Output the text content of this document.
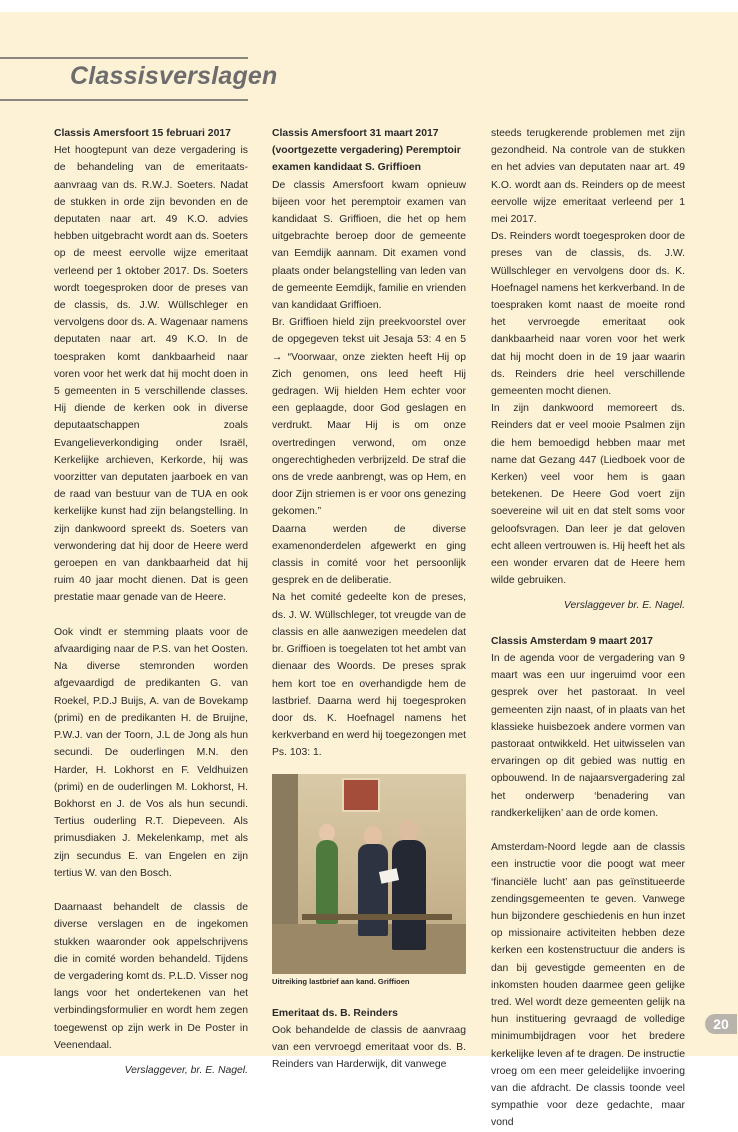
Classisverslagen
Classis Amersfoort 15 februari 2017

Het hoogtepunt van deze vergadering is de behandeling van de emeritaats-aanvraag van ds. R.W.J. Soeters. Nadat de stukken in orde zijn bevonden en de deputaten naar art. 49 K.O. advies hebben uitgebracht wordt aan ds. Soeters op de meest eervolle wijze emeritaat verleend per 1 oktober 2017. Ds. Soeters wordt toegesproken door de preses van de classis, ds. J.W. Wüllschleger en vervolgens door ds. A. Wagenaar namens deputaten naar art. 49 K.O. In de toespraken komt dankbaarheid naar voren voor het werk dat hij mocht doen in 5 gemeenten in 5 verschillende classes. Hij diende de kerken ook in diverse deputaatschappen zoals Evangelieverkondiging onder Israël, Kerkelijke archieven, Kerkorde, hij was voorzitter van deputaten jaarboek en van de raad van bestuur van de TUA en ook kerkelijke kunst had zijn belangstelling. In zijn dankwoord spreekt ds. Soeters van verwondering dat hij door de Heere werd geroepen en van dankbaarheid dat hij ruim 40 jaar mocht dienen. Dat is geen prestatie maar genade van de Heere.

Ook vindt er stemming plaats voor de afvaardiging naar de P.S. van het Oosten. Na diverse stemronden worden afgevaardigd de predikanten G. van Roekel, P.D.J Buijs, A. van de Bovekamp (primi) en de predikanten H. de Bruijne, P.W.J. van der Toorn, J.L de Jong als hun secundi. De ouderlingen M.N. den Harder, H. Lokhorst en F. Veldhuizen (primi) en de ouderlingen M. Lokhorst, H. Bokhorst en J. de Vos als hun secundi. Tertius ouderling R.T. Diepeveen. Als primusdiaken J. Mekelenkamp, met als zijn secundus E. van Engelen en zijn tertius W. van den Bosch.

Daarnaast behandelt de classis de diverse verslagen en de ingekomen stukken waaronder ook appelschrijvens die in comité worden behandeld. Tijdens de vergadering komt ds. P.L.D. Visser nog langs voor het ondertekenen van het verbindingsformulier en wordt hem zegen toegewenst op zijn werk in De Poster in Veenendaal.

Verslaggever, br. E. Nagel.

Classis Amersfoort 31 maart 2017 (voortgezette vergadering) Peremptoir examen kandidaat S. Griffioen

De classis Amersfoort kwam opnieuw bijeen voor het peremptoir examen van kandidaat S. Griffioen, die het op hem uitgebrachte beroep door de gemeente van Eemdijk aannam. Dit examen vond plaats onder belangstelling van leden van de gemeente Eemdijk, familie en vrienden van kandidaat Griffioen.

Br. Griffioen hield zijn preekvoorstel over de opgegeven tekst uit Jesaja 53: 4 en 5 → “Voorwaar, onze ziekten heeft Hij op Zich genomen, ons leed heeft Hij gedragen. Wij hielden Hem echter voor een geplaagde, door God geslagen en verdrukt. Maar Hij is om onze overtredingen verwond, om onze ongerechtigheden verbrijzeld. De straf die ons de vrede aanbrengt, was op Hem, en door Zijn striemen is er voor ons genezing gekomen.”

Daarna werden de diverse examenonderdelen afgewerkt en ging classis in comité voor het persoonlijk gesprek en de deliberatie.

Na het comité gedeelte kon de preses, ds. J. W. Wüllschleger, tot vreugde van de classis en alle aanwezigen meedelen dat br. Griffioen is toegelaten tot het ambt van dienaar des Woords. De preses sprak hem kort toe en overhandigde hem de lastbrief. Daarna werd hij toegesproken door ds. K. Hoefnagel namens het kerkverband en werd hij toegezongen met Ps. 103: 1.

Uitreiking lastbrief aan kand. Griffioen

Emeritaat ds. B. Reinders

Ook behandelde de classis de aanvraag van een vervroegd emeritaat voor ds. B. Reinders van Harderwijk, dit vanwege

steeds terugkerende problemen met zijn gezondheid. Na controle van de stukken en het advies van deputaten naar art. 49 K.O. wordt aan ds. Reinders op de meest eervolle wijze emeritaat verleend per 1 mei 2017.

Ds. Reinders wordt toegesproken door de preses van de classis, ds. J.W. Wüllschleger en vervolgens door ds. K. Hoefnagel namens het kerkverband. In de toespraken komt naast de moeite rond het vervroegde emeritaat ook dankbaarheid naar voren voor het werk dat hij mocht doen in de 19 jaar waarin ds. Reinders drie heel verschillende gemeenten mocht dienen.

In zijn dankwoord memoreert ds. Reinders dat er veel mooie Psalmen zijn die hem bemoedigd hebben maar met name dat Gezang 447 (Liedboek voor de Kerken) veel voor hem is gaan betekenen. De Heere God voert zijn soevereine wil uit en dat stelt soms voor geloofsvragen. Dan leer je dat geloven echt alleen vertrouwen is. Hij heeft het als een wonder ervaren dat de Heere hem wilde gebruiken.

Verslaggever br. E. Nagel.

Classis Amsterdam 9 maart 2017

In de agenda voor de vergadering van 9 maart was een uur ingeruimd voor een gesprek over het pastoraat. In veel gemeenten zijn naast, of in plaats van het klassieke huisbezoek andere vormen van pastoraat ontwikkeld. Het uitwisselen van ervaringen op dit gebied was nuttig en opbouwend. In de najaarsvergadering zal het onderwerp ‘benadering van randkerkelijken’ aan de orde komen.

Amsterdam-Noord legde aan de classis een instructie voor die poogt wat meer ‘financiële lucht’ aan pas geïnstitueerde zendingsgemeenten te geven. Vanwege hun bijzondere geschiedenis en hun inzet op missionaire activiteiten hebben deze kerken een kostenstructuur die anders is dan bij gevestigde gemeenten en de inkomsten houden daarmee geen gelijke tred. Wel wordt deze gemeenten gelijk na hun instituering gevraagd de volledige minimumbijdragen voor het bredere kerkelijke leven af te dragen. De instructie vroeg om een meer geleidelijke invoering van die afdracht. De classis toonde veel sympathie voor deze gedachte, maar vond

20
